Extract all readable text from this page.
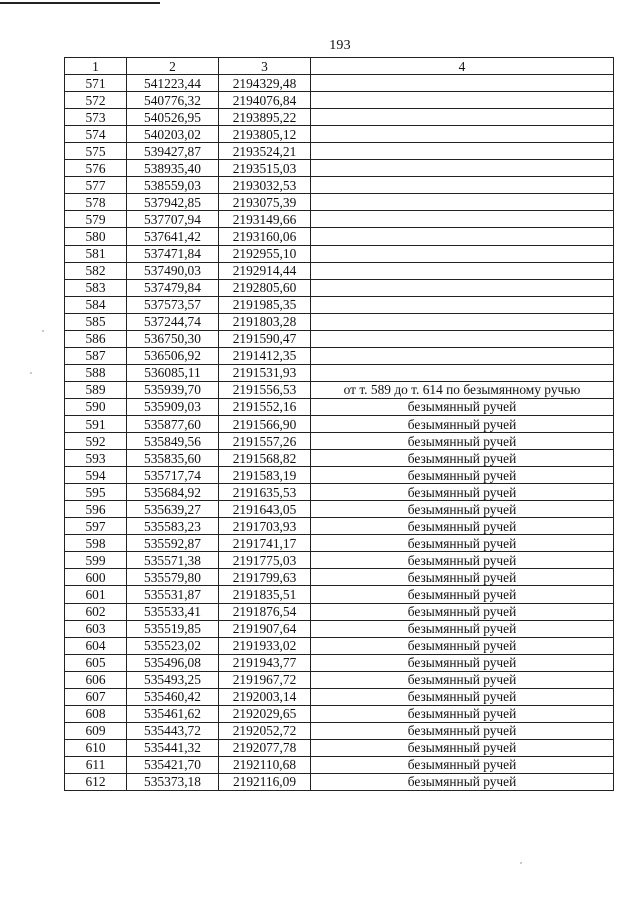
193
1	2	3	4
571	541223,44	2194329,48	
572	540776,32	2194076,84	
573	540526,95	2193895,22	
574	540203,02	2193805,12	
575	539427,87	2193524,21	
576	538935,40	2193515,03	
577	538559,03	2193032,53	
578	537942,85	2193075,39	
579	537707,94	2193149,66	
580	537641,42	2193160,06	
581	537471,84	2192955,10	
582	537490,03	2192914,44	
583	537479,84	2192805,60	
584	537573,57	2191985,35	
585	537244,74	2191803,28	
586	536750,30	2191590,47	
587	536506,92	2191412,35	
588	536085,11	2191531,93	
589	535939,70	2191556,53	от т. 589 до т. 614 по безымянному ручью
590	535909,03	2191552,16	безымянный ручей
591	535877,60	2191566,90	безымянный ручей
592	535849,56	2191557,26	безымянный ручей
593	535835,60	2191568,82	безымянный ручей
594	535717,74	2191583,19	безымянный ручей
595	535684,92	2191635,53	безымянный ручей
596	535639,27	2191643,05	безымянный ручей
597	535583,23	2191703,93	безымянный ручей
598	535592,87	2191741,17	безымянный ручей
599	535571,38	2191775,03	безымянный ручей
600	535579,80	2191799,63	безымянный ручей
601	535531,87	2191835,51	безымянный ручей
602	535533,41	2191876,54	безымянный ручей
603	535519,85	2191907,64	безымянный ручей
604	535523,02	2191933,02	безымянный ручей
605	535496,08	2191943,77	безымянный ручей
606	535493,25	2191967,72	безымянный ручей
607	535460,42	2192003,14	безымянный ручей
608	535461,62	2192029,65	безымянный ручей
609	535443,72	2192052,72	безымянный ручей
610	535441,32	2192077,78	безымянный ручей
611	535421,70	2192110,68	безымянный ручей
612	535373,18	2192116,09	безымянный ручей
